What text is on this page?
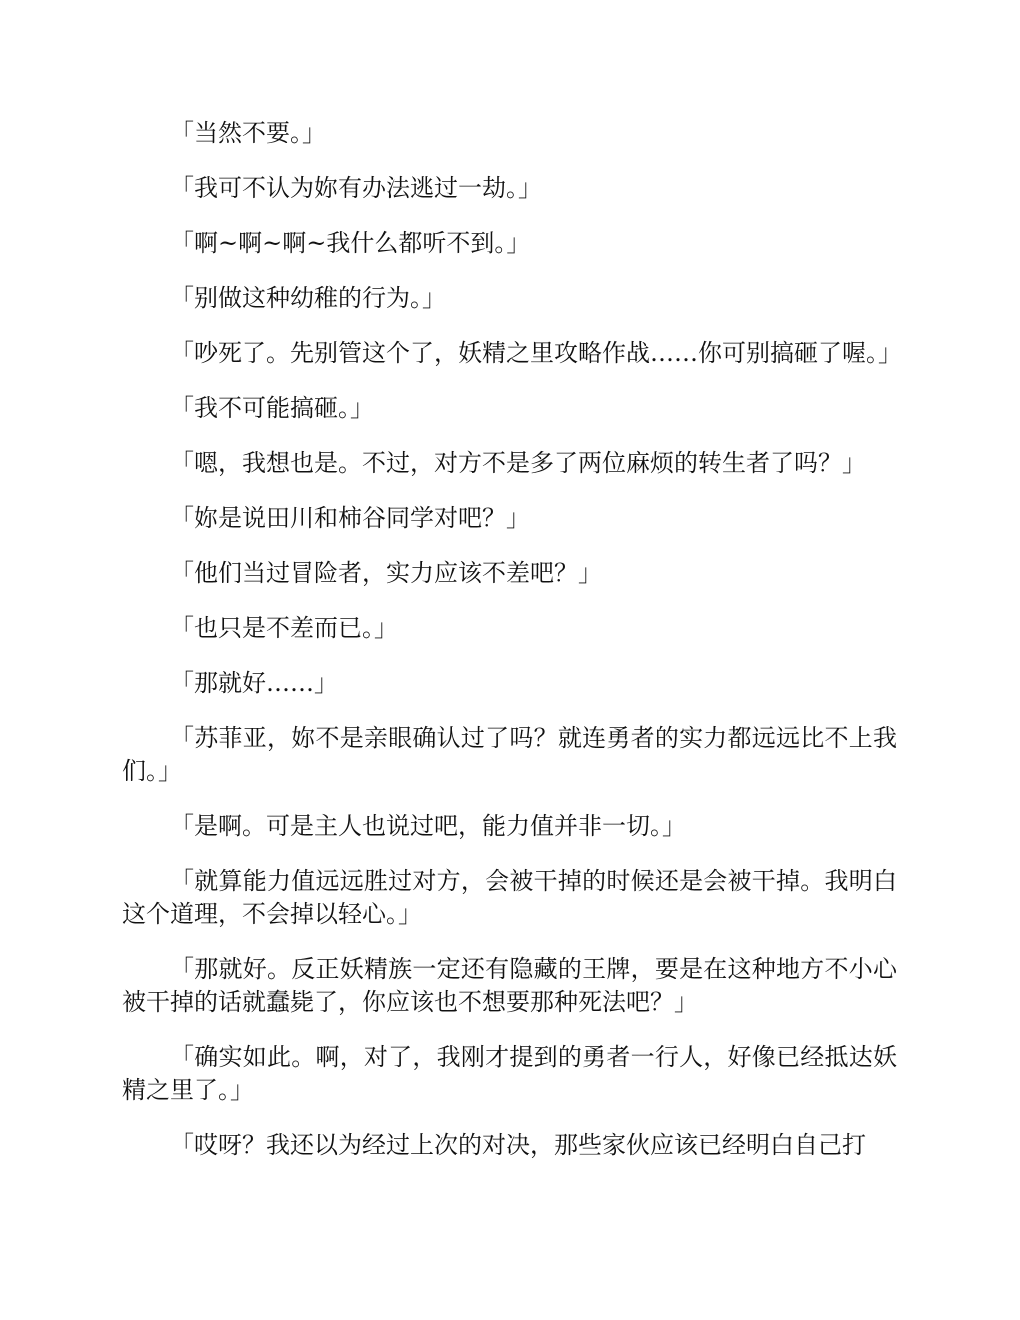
「当然不要。」

「我可不认为妳有办法逃过一劫。」

「啊~啊~啊~我什么都听不到。」

「别做这种幼稚的行为。」

「吵死了。先别管这个了，妖精之里攻略作战……你可别搞砸了喔。」

「我不可能搞砸。」

「嗯，我想也是。不过，对方不是多了两位麻烦的转生者了吗？」

「妳是说田川和柿谷同学对吧？」

「他们当过冒险者，实力应该不差吧？」

「也只是不差而已。」

「那就好……」

「苏菲亚，妳不是亲眼确认过了吗？就连勇者的实力都远远比不上我们。」

「是啊。可是主人也说过吧，能力值并非一切。」

「就算能力值远远胜过对方，会被干掉的时候还是会被干掉。我明白这个道理，不会掉以轻心。」

「那就好。反正妖精族一定还有隐藏的王牌，要是在这种地方不小心被干掉的话就蠢毙了，你应该也不想要那种死法吧？」

「确实如此。啊，对了，我刚才提到的勇者一行人，好像已经抵达妖精之里了。」

「哎呀？我还以为经过上次的对决，那些家伙应该已经明白自己打
